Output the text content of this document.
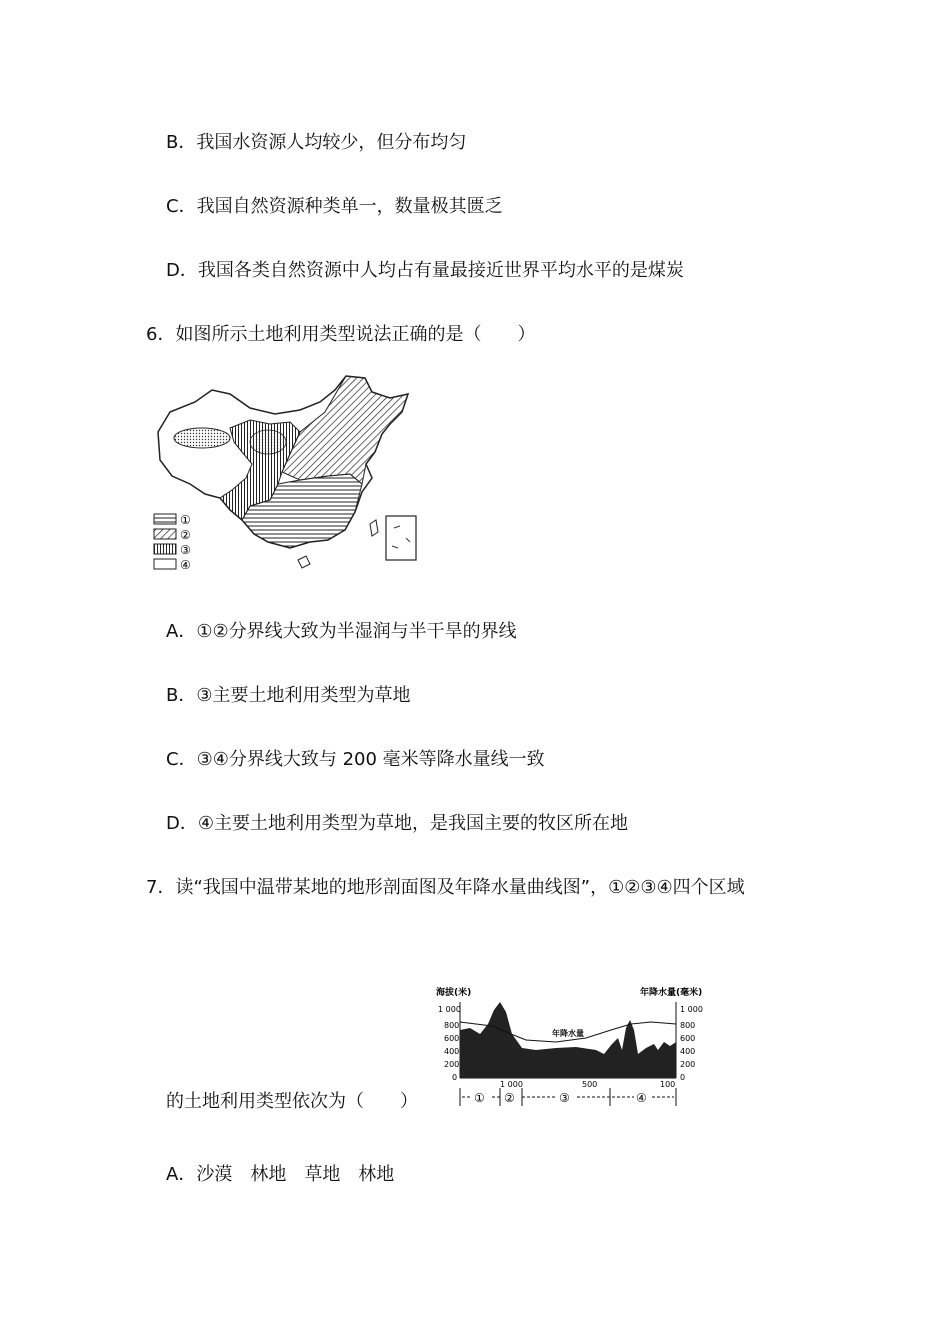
B．我国水资源人均较少，但分布均匀
C．我国自然资源种类单一，数量极其匮乏
D．我国各类自然资源中人均占有量最接近世界平均水平的是煤炭
6．如图所示土地利用类型说法正确的是（　　）
①
②
③
④
A．①②分界线大致为半湿润与半干旱的界线
B．③主要土地利用类型为草地
C．③④分界线大致与 200 毫米等降水量线一致
D．④主要土地利用类型为草地，是我国主要的牧区所在地
7．读“我国中温带某地的地形剖面图及年降水量曲线图”，①②③④四个区域
海拔(米)	年降水量(毫米)
1 000
800
600
400
200
0
1 000
800
600
400
200
0
年降水量
1 000	500	100
① ②	③	④
的土地利用类型依次为（　　）
A．沙漠　林地　草地　林地
